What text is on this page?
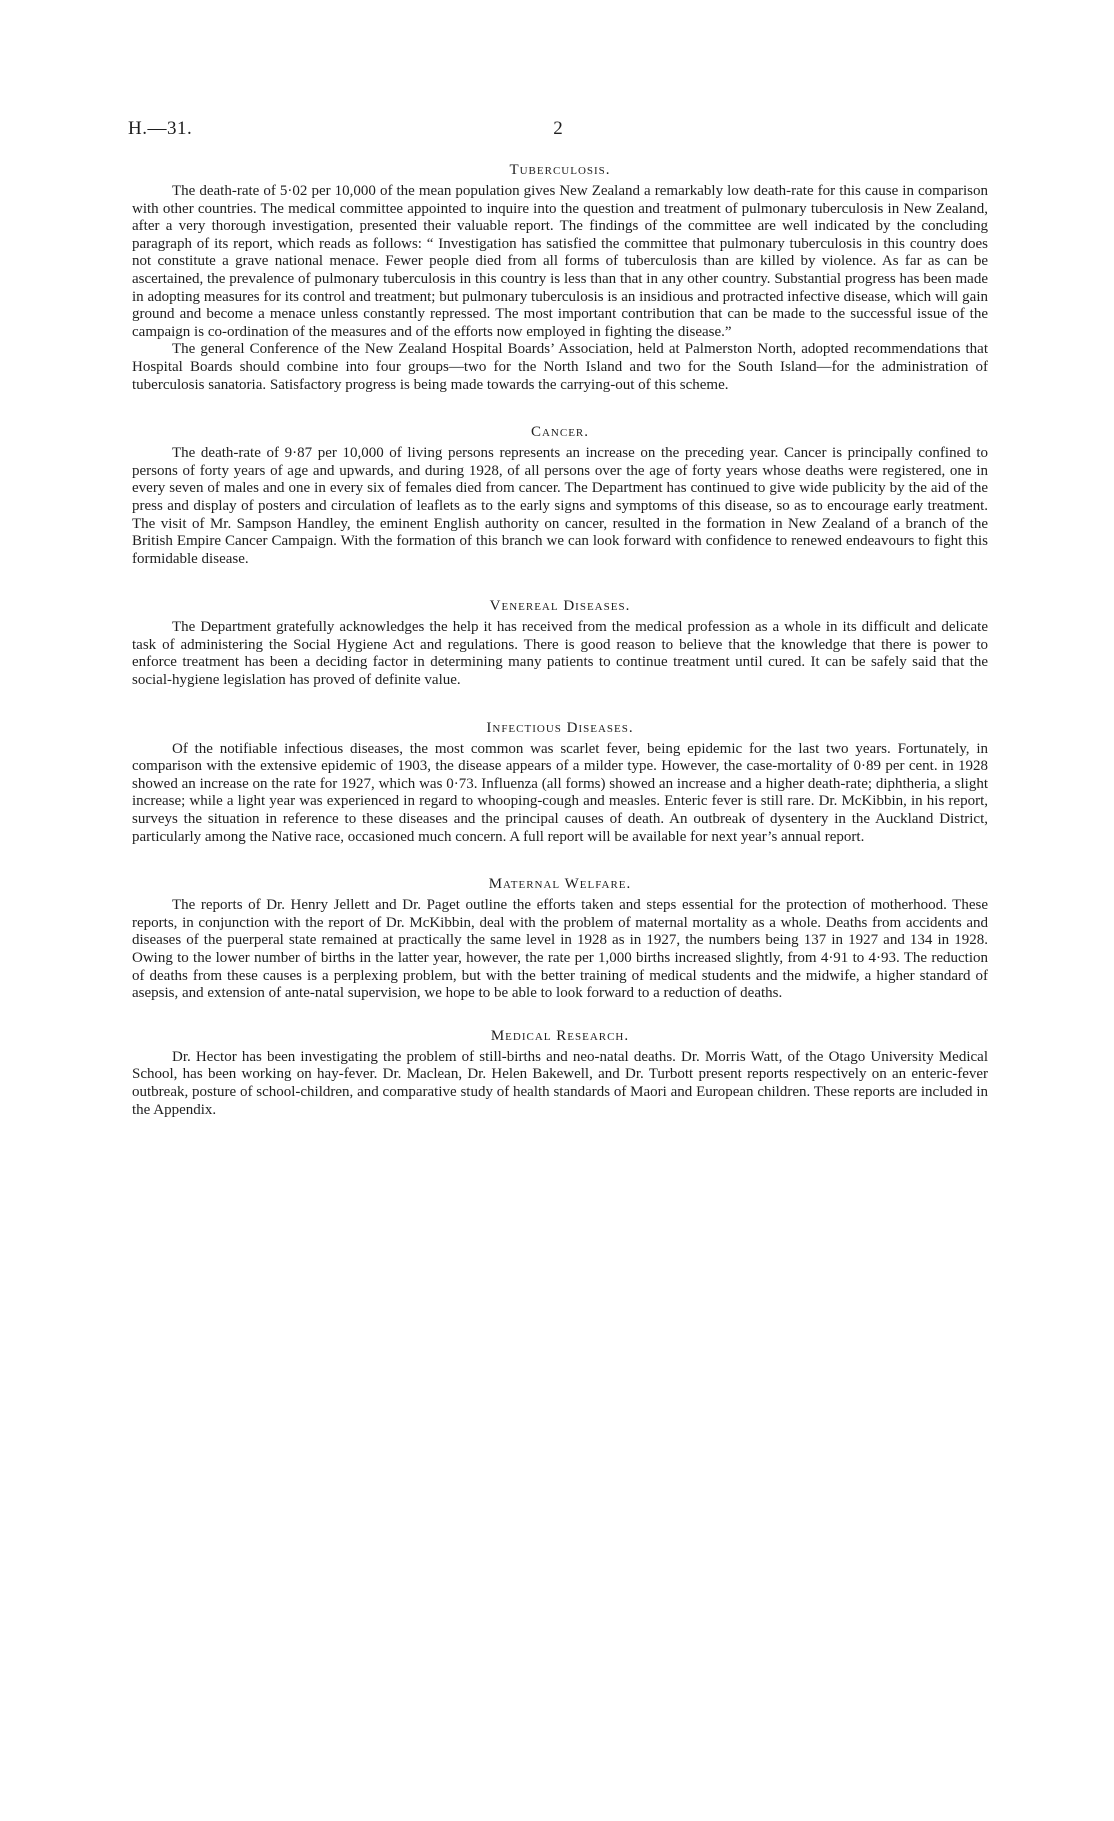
H.—31.	2
Tuberculosis.

The death-rate of 5·02 per 10,000 of the mean population gives New Zealand a remarkably low death-rate for this cause in comparison with other countries. The medical committee appointed to inquire into the question and treatment of pulmonary tuberculosis in New Zealand, after a very thorough investigation, presented their valuable report. The findings of the committee are well indicated by the concluding paragraph of its report, which reads as follows: “ Investigation has satisfied the committee that pulmonary tuberculosis in this country does not constitute a grave national menace. Fewer people died from all forms of tuberculosis than are killed by violence. As far as can be ascertained, the prevalence of pulmonary tuberculosis in this country is less than that in any other country. Substantial progress has been made in adopting measures for its control and treatment; but pulmonary tuberculosis is an insidious and protracted infective disease, which will gain ground and become a menace unless constantly repressed. The most important contribution that can be made to the successful issue of the campaign is co-ordination of the measures and of the efforts now employed in fighting the disease.”

The general Conference of the New Zealand Hospital Boards’ Association, held at Palmerston North, adopted recommendations that Hospital Boards should combine into four groups—two for the North Island and two for the South Island—for the administration of tuberculosis sanatoria. Satisfactory progress is being made towards the carrying-out of this scheme.

Cancer.

The death-rate of 9·87 per 10,000 of living persons represents an increase on the preceding year. Cancer is principally confined to persons of forty years of age and upwards, and during 1928, of all persons over the age of forty years whose deaths were registered, one in every seven of males and one in every six of females died from cancer. The Department has continued to give wide publicity by the aid of the press and display of posters and circulation of leaflets as to the early signs and symptoms of this disease, so as to encourage early treatment. The visit of Mr. Sampson Handley, the eminent English authority on cancer, resulted in the formation in New Zealand of a branch of the British Empire Cancer Campaign. With the formation of this branch we can look forward with confidence to renewed endeavours to fight this formidable disease.

Venereal Diseases.

The Department gratefully acknowledges the help it has received from the medical profession as a whole in its difficult and delicate task of administering the Social Hygiene Act and regulations. There is good reason to believe that the knowledge that there is power to enforce treatment has been a deciding factor in determining many patients to continue treatment until cured. It can be safely said that the social-hygiene legislation has proved of definite value.

Infectious Diseases.

Of the notifiable infectious diseases, the most common was scarlet fever, being epidemic for the last two years. Fortunately, in comparison with the extensive epidemic of 1903, the disease appears of a milder type. However, the case-mortality of 0·89 per cent. in 1928 showed an increase on the rate for 1927, which was 0·73. Influenza (all forms) showed an increase and a higher death-rate; diphtheria, a slight increase; while a light year was experienced in regard to whooping-cough and measles. Enteric fever is still rare. Dr. McKibbin, in his report, surveys the situation in reference to these diseases and the principal causes of death. An outbreak of dysentery in the Auckland District, particularly among the Native race, occasioned much concern. A full report will be available for next year’s annual report.

Maternal Welfare.

The reports of Dr. Henry Jellett and Dr. Paget outline the efforts taken and steps essential for the protection of motherhood. These reports, in conjunction with the report of Dr. McKibbin, deal with the problem of maternal mortality as a whole. Deaths from accidents and diseases of the puerperal state remained at practically the same level in 1928 as in 1927, the numbers being 137 in 1927 and 134 in 1928. Owing to the lower number of births in the latter year, however, the rate per 1,000 births increased slightly, from 4·91 to 4·93. The reduction of deaths from these causes is a perplexing problem, but with the better training of medical students and the midwife, a higher standard of asepsis, and extension of ante-natal supervision, we hope to be able to look forward to a reduction of deaths.

Medical Research.

Dr. Hector has been investigating the problem of still-births and neo-natal deaths. Dr. Morris Watt, of the Otago University Medical School, has been working on hay-fever. Dr. Maclean, Dr. Helen Bakewell, and Dr. Turbott present reports respectively on an enteric-fever outbreak, posture of school-children, and comparative study of health standards of Maori and European children. These reports are included in the Appendix.
